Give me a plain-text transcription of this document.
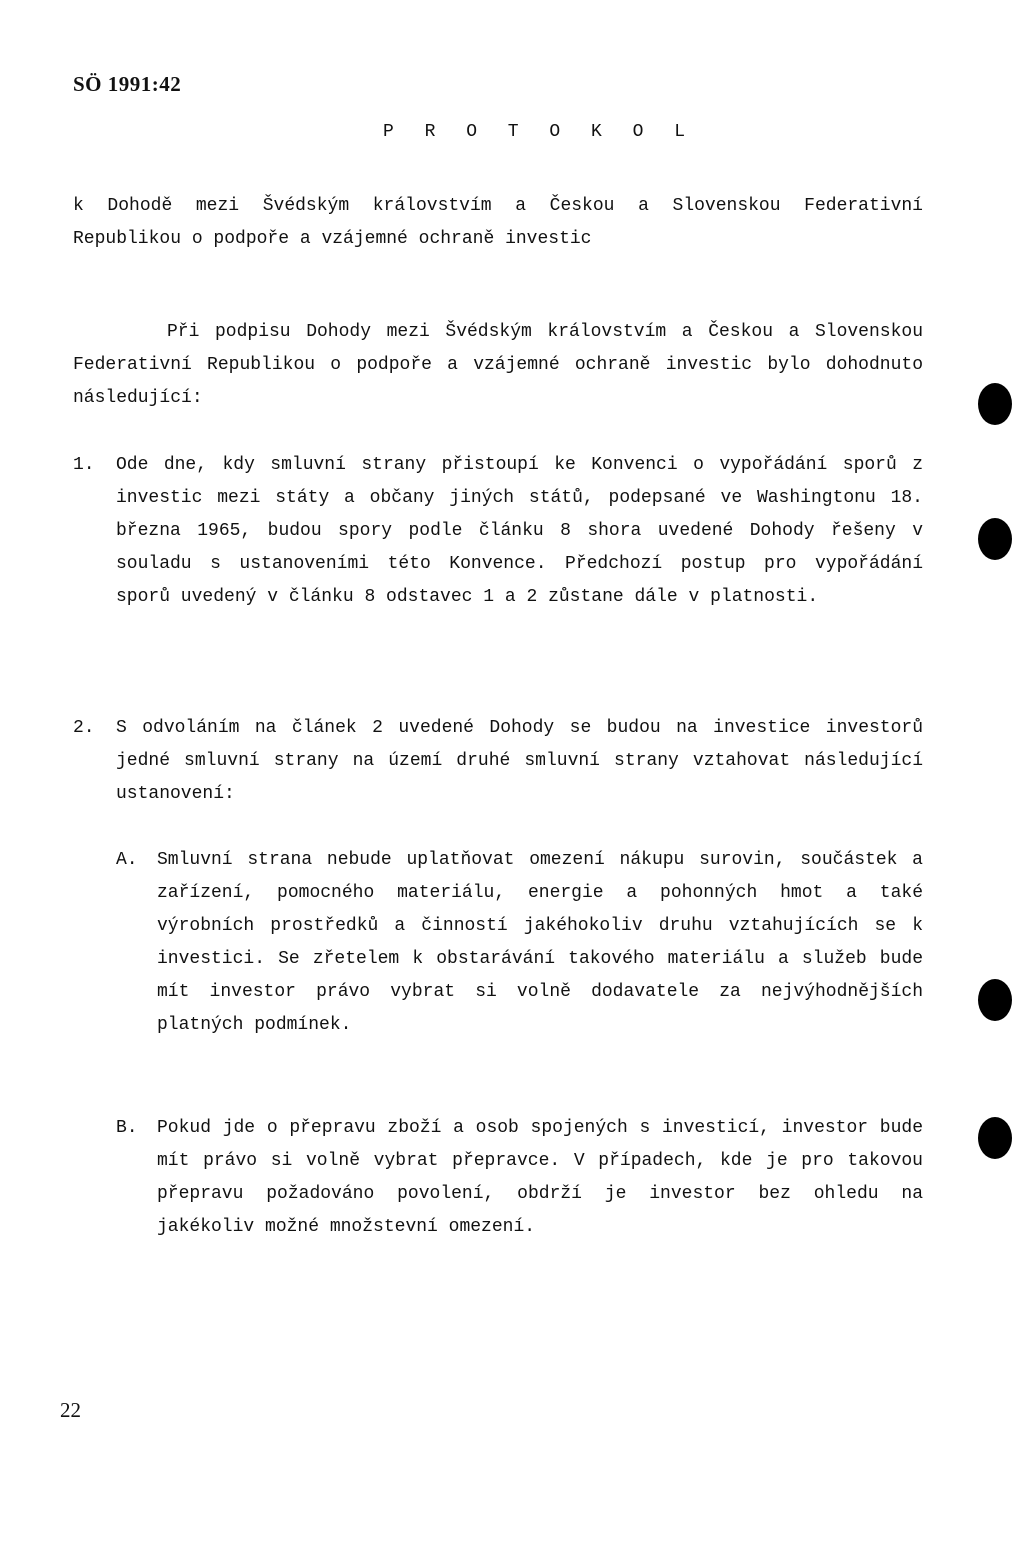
SÖ 1991:42
P R O T O K O L
k Dohodě mezi Švédským královstvím a Českou a Slovenskou Federativní Republikou o podpoře a vzájemné ochraně investic
Při podpisu Dohody mezi Švédským královstvím a Českou a Slovenskou Federativní Republikou o podpoře a vzájemné ochraně investic bylo dohodnuto následující:
1. Ode dne, kdy smluvní strany přistoupí ke Konvenci o vypořádání sporů z investic mezi státy a občany jiných států, podepsané ve Washingtonu 18. března 1965, budou spory podle článku 8 shora uvedené Dohody řešeny v souladu s ustanoveními této Konvence. Předchozí postup pro vypořádání sporů uvedený v článku 8 odstavec 1 a 2 zůstane dále v platnosti.
2. S odvoláním na článek 2 uvedené Dohody se budou na investice investorů jedné smluvní strany na území druhé smluvní strany vztahovat následující ustanovení:
A. Smluvní strana nebude uplatňovat omezení nákupu surovin, součástek a zařízení, pomocného materiálu, energie a pohonných hmot a také výrobních prostředků a činností jakéhokoliv druhu vztahujících se k investici. Se zřetelem k obstarávání takového materiálu a služeb bude mít investor právo vybrat si volně dodavatele za nejvýhodnějších platných podmínek.
B. Pokud jde o přepravu zboží a osob spojených s investicí, investor bude mít právo si volně vybrat přepravce. V případech, kde je pro takovou přepravu požadováno povolení, obdrží je investor bez ohledu na jakékoliv možné množstevní omezení.
22
